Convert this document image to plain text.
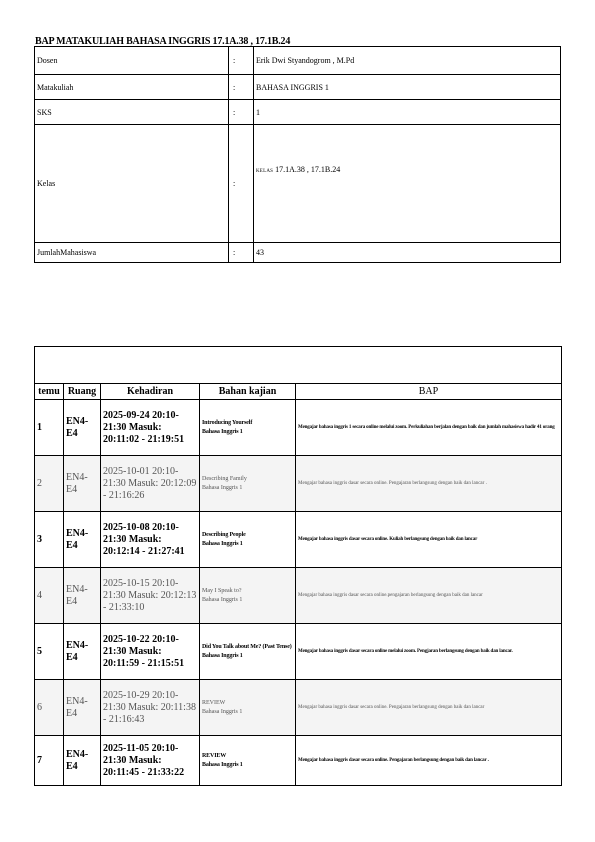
BAP MATAKULIAH BAHASA INGGRIS 17.1A.38 , 17.1B.24
Dosen	:	Erik Dwi Styandogrom , M.Pd
Matakuliah	:	BAHASA INGGRIS 1
SKS	:	1
Kelas	:	KELAS 17.1A.38 , 17.1B.24
JumlahMahasiswa	:	43

temu	Ruang	Kehadiran	Bahan kajian	BAP
1	EN4-E4	2025-09-24 20:10-21:30 Masuk: 20:11:02 - 21:19:51	Introducing Yourself
Bahasa Inggris 1	Mengajar bahasa inggris 1 secara online melalui zoom. Perkuliahan berjalan dengan baik dan jumlah mahasiswa hadir 41 orang
2	EN4-E4	2025-10-01 20:10-21:30 Masuk: 20:12:09 - 21:16:26	Describing Family
Bahasa Inggris 1	Mengajar bahasa inggris dasar secara online. Pengajaran berlangsung dengan baik dan lancar .
3	EN4-E4	2025-10-08 20:10-21:30 Masuk: 20:12:14 - 21:27:41	Describing People
Bahasa Inggris 1	Mengajar bahasa inggris dasar secara online. Kuliah berlangsung dengan baik dan lancar
4	EN4-E4	2025-10-15 20:10-21:30 Masuk: 20:12:13 - 21:33:10	May I Speak to?
Bahasa Inggris 1	Mengajar bahasa inggris dasar secara online.pengajaran berlangsung dengan baik dan lancar
5	EN4-E4	2025-10-22 20:10-21:30 Masuk: 20:11:59 - 21:15:51	Did You Talk about Me? (Past Tense)
Bahasa Inggris 1	Mengajar bahasa inggris dasar secara online melalui zoom. Pengjaran berlangsung dengan baik dan lancar.
6	EN4-E4	2025-10-29 20:10-21:30 Masuk: 20:11:38 - 21:16:43	REVIEW
Bahasa Inggris 1	Mengajar bahasa inggris dasar secara online. Pengajaran berlangsung dengan baik dan lancar
7	EN4-E4	2025-11-05 20:10-21:30 Masuk: 20:11:45 - 21:33:22	REVIEW
Bahasa Inggris 1	Mengajar bahasa inggris dasar secara online. Pengajaran berlangsung dengan baik dan lancar .
